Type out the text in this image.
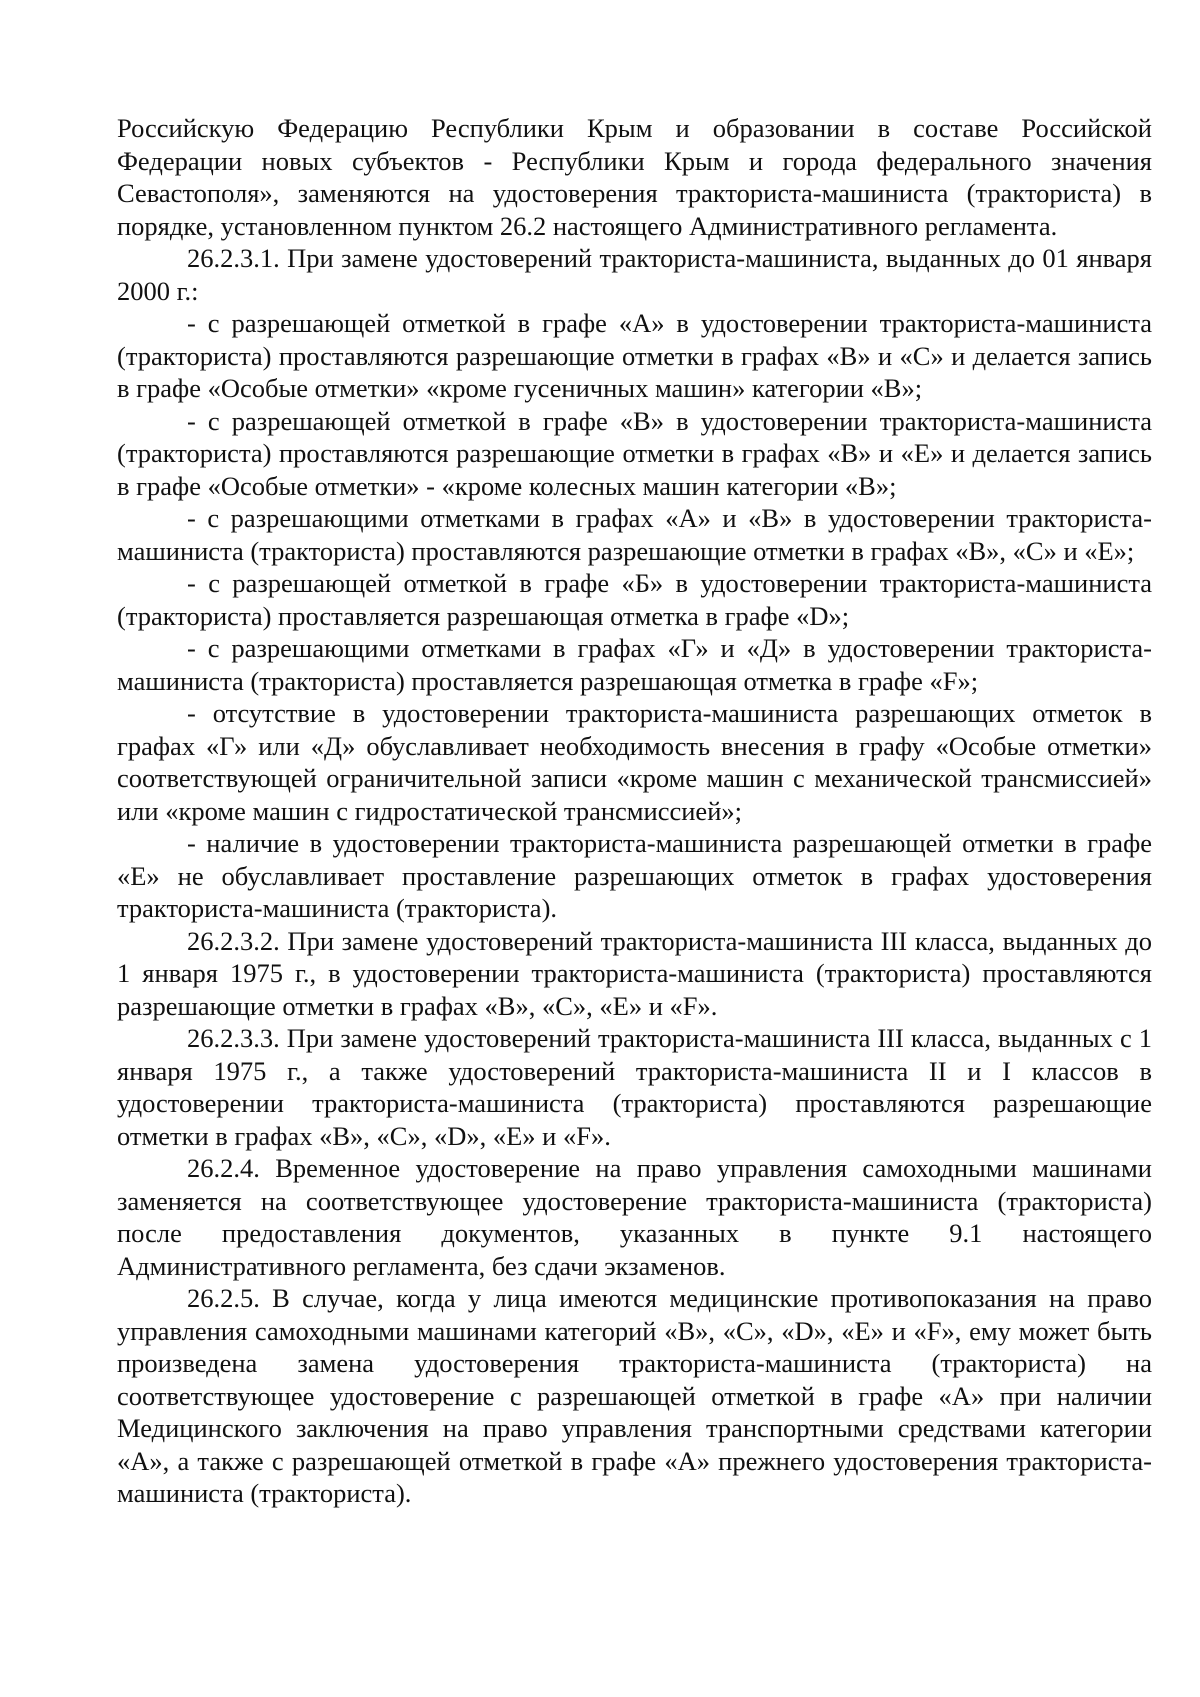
Российскую Федерацию Республики Крым и образовании в составе Российской Федерации новых субъектов - Республики Крым и города федерального значения Севастополя», заменяются на удостоверения тракториста-машиниста (тракториста) в порядке, установленном пунктом 26.2 настоящего Административного регламента.

26.2.3.1. При замене удостоверений тракториста-машиниста, выданных до 01 января 2000 г.:

- с разрешающей отметкой в графе «А» в удостоверении тракториста-машиниста (тракториста) проставляются разрешающие отметки в графах «В» и «С» и делается запись в графе «Особые отметки» «кроме гусеничных машин» категории «В»;

- с разрешающей отметкой в графе «В» в удостоверении тракториста-машиниста (тракториста) проставляются разрешающие отметки в графах «В» и «Е» и делается запись в графе «Особые отметки» - «кроме колесных машин категории «В»;

- с разрешающими отметками в графах «А» и «В» в удостоверении тракториста-машиниста (тракториста) проставляются разрешающие отметки в графах «В», «С» и «Е»;

- с разрешающей отметкой в графе «Б» в удостоверении тракториста-машиниста (тракториста) проставляется разрешающая отметка в графе «D»;

- с разрешающими отметками в графах «Г» и «Д» в удостоверении тракториста-машиниста (тракториста) проставляется разрешающая отметка в графе «F»;

- отсутствие в удостоверении тракториста-машиниста разрешающих отметок в графах «Г» или «Д» обуславливает необходимость внесения в графу «Особые отметки» соответствующей ограничительной записи «кроме машин с механической трансмиссией» или «кроме машин с гидростатической трансмиссией»;

- наличие в удостоверении тракториста-машиниста разрешающей отметки в графе «Е» не обуславливает проставление разрешающих отметок в графах удостоверения тракториста-машиниста (тракториста).

26.2.3.2. При замене удостоверений тракториста-машиниста III класса, выданных до 1 января 1975 г., в удостоверении тракториста-машиниста (тракториста) проставляются разрешающие отметки в графах «В», «С», «Е» и «F».

26.2.3.3. При замене удостоверений тракториста-машиниста III класса, выданных с 1 января 1975 г., а также удостоверений тракториста-машиниста II и I классов в удостоверении тракториста-машиниста (тракториста) проставляются разрешающие отметки в графах «В», «С», «D», «Е» и «F».

26.2.4. Временное удостоверение на право управления самоходными машинами заменяется на соответствующее удостоверение тракториста-машиниста (тракториста) после предоставления документов, указанных в пункте 9.1 настоящего Административного регламента, без сдачи экзаменов.

26.2.5. В случае, когда у лица имеются медицинские противопоказания на право управления самоходными машинами категорий «В», «С», «D», «Е» и «F», ему может быть произведена замена удостоверения тракториста-машиниста (тракториста) на соответствующее удостоверение с разрешающей отметкой в графе «А» при наличии Медицинского заключения на право управления транспортными средствами категории «А», а также с разрешающей отметкой в графе «А» прежнего удостоверения тракториста-машиниста (тракториста).
